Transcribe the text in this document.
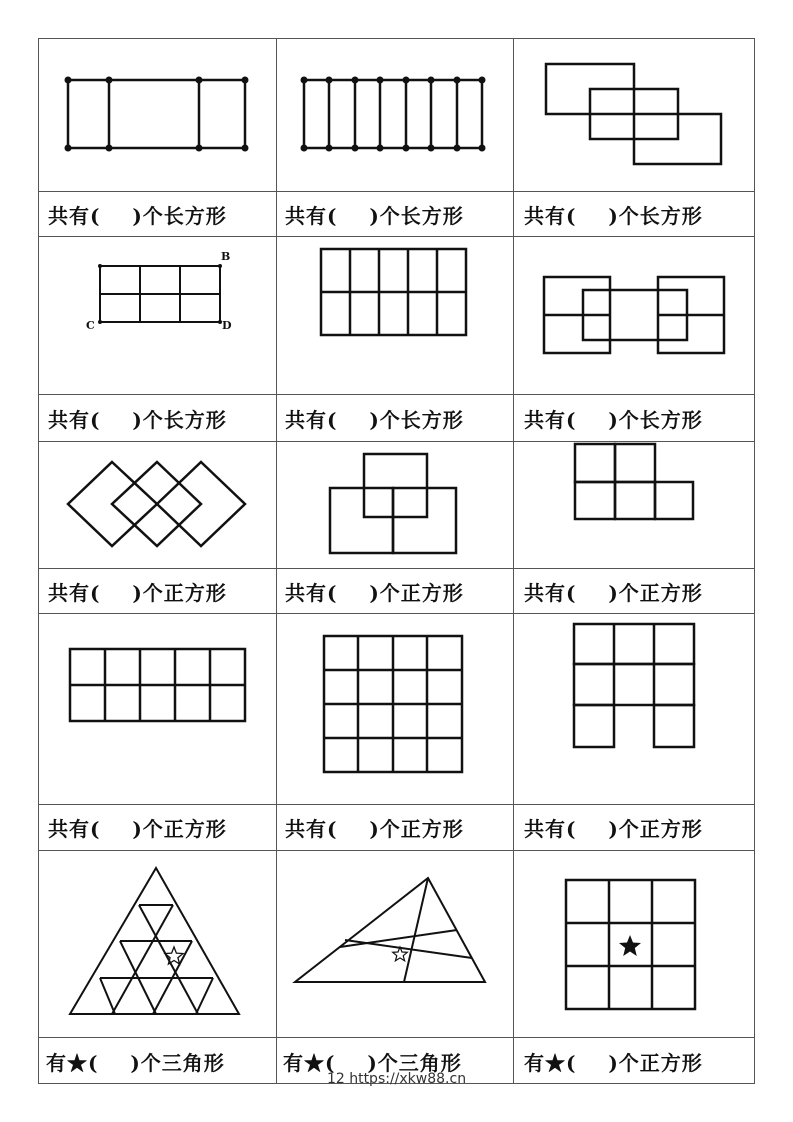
B
C	D
共有(    )个长方形	共有(    )个长方形	共有(    )个长方形
共有(    )个长方形	共有(    )个长方形	共有(    )个长方形
共有(    )个正方形	共有(    )个正方形	共有(    )个正方形
共有(    )个正方形	共有(    )个正方形	共有(    )个正方形
有★(    )个三角形	有★(    )个三角形	有★(    )个正方形
12 https://xkw88.cn
